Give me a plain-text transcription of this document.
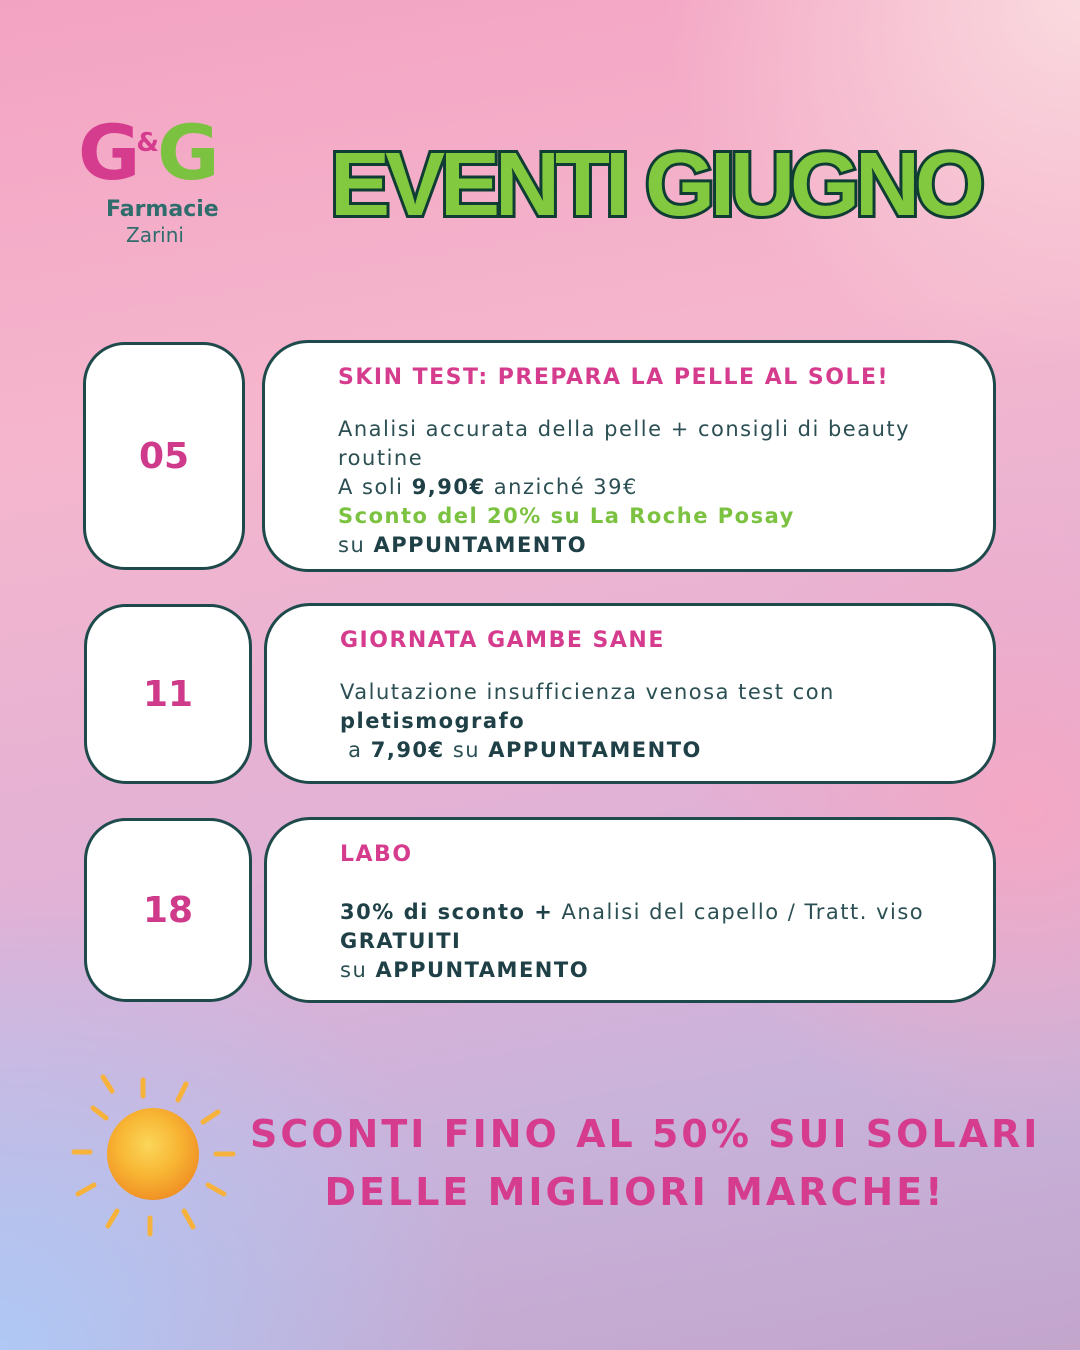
G&G
Farmacie
Zarini	EVENTI GIUGNO
05
SKIN TEST: PREPARA LA PELLE AL SOLE!
Analisi accurata della pelle + consigli di beauty
routine
A soli 9,90€ anziché 39€
Sconto del 20% su La Roche Posay
su APPUNTAMENTO
11
GIORNATA GAMBE SANE
Valutazione insufficienza venosa test con
pletismografo
a 7,90€ su APPUNTAMENTO
18
LABO
30% di sconto + Analisi del capello / Tratt. viso
GRATUITI
su APPUNTAMENTO
SCONTI FINO AL 50% SUI SOLARI
DELLE MIGLIORI MARCHE!
